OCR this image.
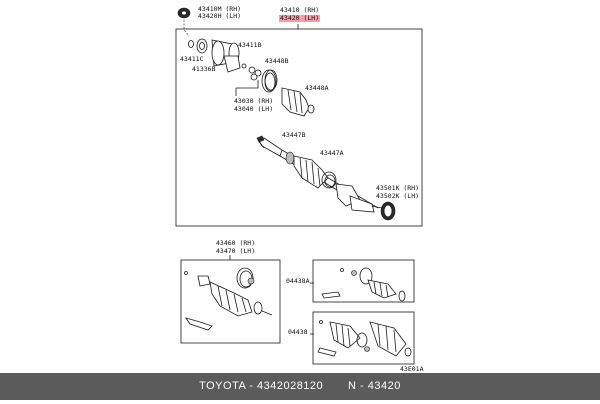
43410M (RH)
43420H (LH)
43410 (RH)
43420 (LH)
43411B
43411C
41336B
43448B
43448A
43030 (RH)
43040 (LH)
43447B
43447A
43501K (RH)
43502K (LH)
43460 (RH)
43470 (LH)
04438A
04438
43E01A
TOYOTA - 4342028120       N - 43420
